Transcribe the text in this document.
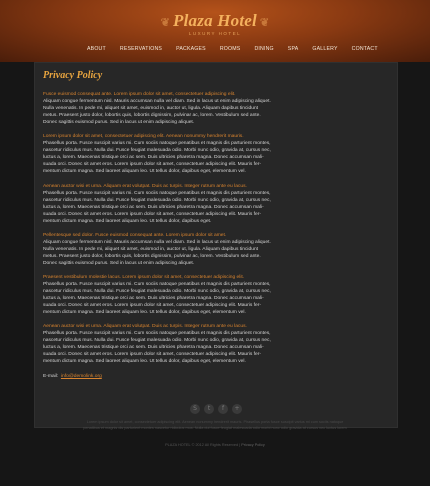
❦ Plaza Hotel ❦
LUXURY HOTEL
ABOUT	RESERVATIONS	PACKAGES	ROOMS	DINING	SPA	GALLERY	CONTACT
Privacy Policy
Fusce euismod consequat ante. Lorem ipsum dolor sit amet, consectetuer adipiscing elit.
Aliquam congue fermentum nisl. Mauris accumsan nulla vel diam. Sed in lacus ut enim adipiscing aliquet.
Nulla venenatis. In pede mi, aliquet sit amet, euismod in, auctor ut, ligula. Aliquam dapibus tincidunt
metus. Praesent justo dolor, lobortis quis, lobortis dignissim, pulvinar ac, lorem. Vestibulum sed ante.
Donec sagittis euismod purus. Sed in lacus ut enim adipiscing aliquet.
Lorem ipsum dolor sit amet, consectetuer adipiscing elit. Aenean nonummy hendrerit mauris.
Phasellus porta. Fusce suscipit varius mi. Cum sociis natoque penatibus et magnis dis parturient montes,
nascetur ridiculus mus. Nulla dui. Fusce feugiat malesuada odio. Morbi nunc odio, gravida at, cursus nec,
luctus a, lorem. Maecenas tristique orci ac sem. Duis ultricies pharetra magna. Donec accumsan mali-
suada orci. Donec sit amet eros. Lorem ipsum dolor sit amet, consectetuer adipiscing elit. Mauris fer-
mentum dictum magna. Sed laoreet aliquam leo. Ut tellus dolor, dapibus eget, elementum vel.
Aenean auctor wisi et urna. Aliquam erat volutpat. Duis ac turpis. Integer rutrum ante eu lacus.
Phasellus porta. Fusce suscipit varius mi. Cum sociis natoque penatibus et magnis dis parturient montes,
nascetur ridiculus mus. Nulla dui. Fusce feugiat malesuada odio. Morbi nunc odio, gravida at, cursus nec,
luctus a, lorem. Maecenas tristique orci ac sem. Duis ultricies pharetra magna. Donec accumsan mali-
suada orci. Donec sit amet eros. Lorem ipsum dolor sit amet, consectetuer adipiscing elit. Mauris fer-
mentum dictum magna. Sed laoreet aliquam leo. Ut tellus dolor, dapibus eget.
Pellentesque sed dolor. Fusce euismod consequat ante. Lorem ipsum dolor sit amet.
Aliquam congue fermentum nisl. Mauris accumsan nulla vel diam. Sed in lacus ut enim adipiscing aliquet.
Nulla venenatis. In pede mi, aliquet sit amet, euismod in, auctor ut, ligula. Aliquam dapibus tincidunt
metus. Praesent justo dolor, lobortis quis, lobortis dignissim, pulvinar ac, lorem. Vestibulum sed ante.
Donec sagittis euismod purus. Sed in lacus ut enim adipiscing aliquet.
Praesent vestibulum molestie lacus. Lorem ipsum dolor sit amet, consectetuer adipiscing elit.
Phasellus porta. Fusce suscipit varius mi. Cum sociis natoque penatibus et magnis dis parturient montes,
nascetur ridiculus mus. Nulla dui. Fusce feugiat malesuada odio. Morbi nunc odio, gravida at, cursus nec,
luctus a, lorem. Maecenas tristique orci ac sem. Duis ultricies pharetra magna. Donec accumsan mali-
suada orci. Donec sit amet eros. Lorem ipsum dolor sit amet, consectetuer adipiscing elit. Mauris fer-
mentum dictum magna. Sed laoreet aliquam leo. Ut tellus dolor, dapibus eget, elementum vel.
Aenean auctor wisi et urna. Aliquam erat volutpat. Duis ac turpis. Integer rutrum ante eu lacus.
Phasellus porta. Fusce suscipit varius mi. Cum sociis natoque penatibus et magnis dis parturient montes,
nascetur ridiculus mus. Nulla dui. Fusce feugiat malesuada odio. Morbi nunc odio, gravida at, cursus nec,
luctus a, lorem. Maecenas tristique orci ac sem. Duis ultricies pharetra magna. Donec accumsan mali-
suada orci. Donec sit amet eros. Lorem ipsum dolor sit amet, consectetuer adipiscing elit. Mauris fer-
mentum dictum magna. Sed laoreet aliquam leo. Ut tellus dolor, dapibus eget, elementum vel.
E-mail: info@demolink.org
S	t	f	+
Lorem ipsum dolor sit amet, consectetuer adipiscing elit. Aenean nonummy hendrerit mauris. Phasellus porta fusce suscipit varius mi cum sociis natoque
penatibus et magnis dis parturient montes nascetur ridiculus mus. Nulla dui fusce feugiat malesuada odio morbi nunc odio gravida at cursus nec luctus lorem
PLAZA HOTEL © 2012 All Rights Reserved | Privacy Policy
